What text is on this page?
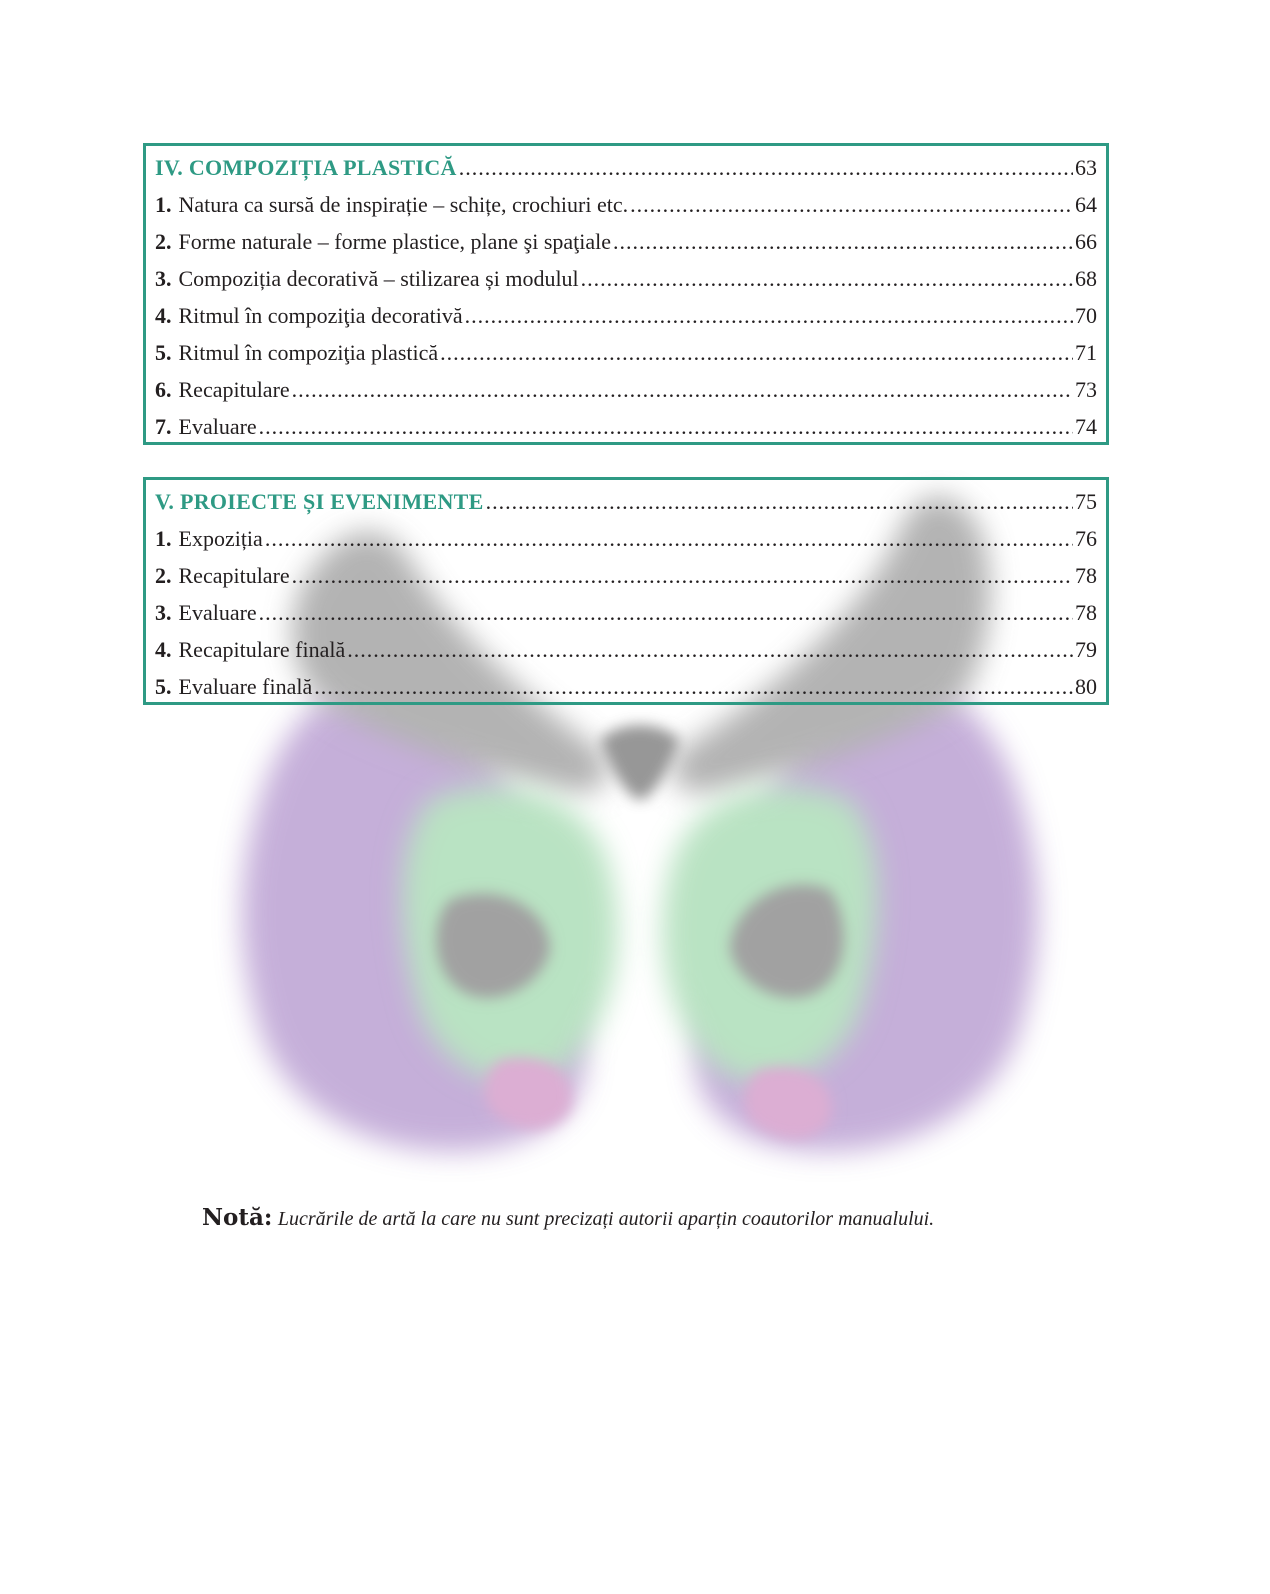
IV. COMPOZIȚIA PLASTICĂ .....	63
1. Natura ca sursă de inspirație – schițe, crochiuri etc. .....	64
2. Forme naturale – forme plastice, plane şi spaţiale .....	66
3. Compoziția decorativă – stilizarea și modulul .....	68
4. Ritmul în compoziţia decorativă .....	70
5. Ritmul în compoziţia plastică .....	71
6. Recapitulare .....	73
7. Evaluare .....	74
V. PROIECTE ȘI EVENIMENTE .....	75
1. Expoziția .....	76
2. Recapitulare .....	78
3. Evaluare .....	78
4. Recapitulare finală .....	79
5. Evaluare finală .....	80
Notă: Lucrările de artă la care nu sunt precizați autorii aparțin coautorilor manualului.
